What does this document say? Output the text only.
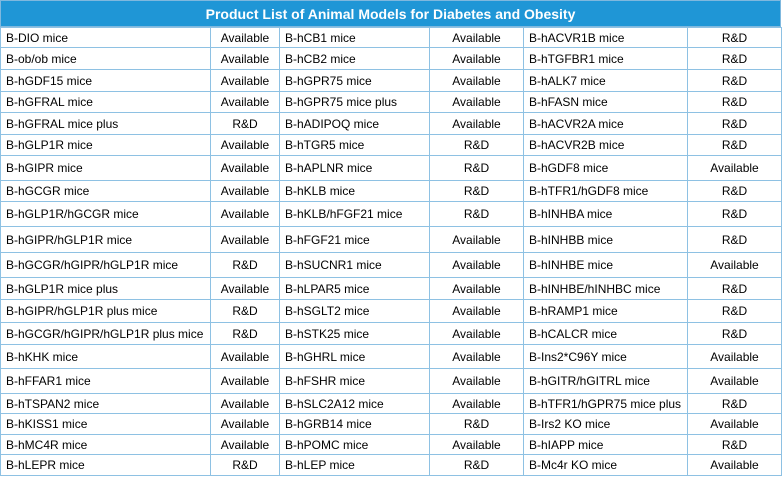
Product List of Animal Models for Diabetes and Obesity
B-DIO mice	Available	B-hCB1 mice	Available	B-hACVR1B mice	R&D
B-ob/ob mice	Available	B-hCB2 mice	Available	B-hTGFBR1 mice	R&D
B-hGDF15 mice	Available	B-hGPR75 mice	Available	B-hALK7 mice	R&D
B-hGFRAL mice	Available	B-hGPR75 mice plus	Available	B-hFASN mice	R&D
B-hGFRAL mice plus	R&D	B-hADIPOQ mice	Available	B-hACVR2A mice	R&D
B-hGLP1R mice	Available	B-hTGR5 mice	R&D	B-hACVR2B mice	R&D
B-hGIPR mice	Available	B-hAPLNR mice	R&D	B-hGDF8 mice	Available
B-hGCGR mice	Available	B-hKLB mice	R&D	B-hTFR1/hGDF8 mice	R&D
B-hGLP1R/hGCGR mice	Available	B-hKLB/hFGF21 mice	R&D	B-hINHBA mice	R&D
B-hGIPR/hGLP1R mice	Available	B-hFGF21 mice	Available	B-hINHBB mice	R&D
B-hGCGR/hGIPR/hGLP1R mice	R&D	B-hSUCNR1 mice	Available	B-hINHBE mice	Available
B-hGLP1R mice plus	Available	B-hLPAR5 mice	Available	B-hINHBE/hINHBC mice	R&D
B-hGIPR/hGLP1R plus mice	R&D	B-hSGLT2 mice	Available	B-hRAMP1 mice	R&D
B-hGCGR/hGIPR/hGLP1R plus mice	R&D	B-hSTK25 mice	Available	B-hCALCR mice	R&D
B-hKHK mice	Available	B-hGHRL mice	Available	B-Ins2*C96Y mice	Available
B-hFFAR1 mice	Available	B-hFSHR mice	Available	B-hGITR/hGITRL mice	Available
B-hTSPAN2 mice	Available	B-hSLC2A12 mice	Available	B-hTFR1/hGPR75 mice plus	R&D
B-hKISS1 mice	Available	B-hGRB14 mice	R&D	B-Irs2 KO mice	Available
B-hMC4R mice	Available	B-hPOMC mice	Available	B-hIAPP mice	R&D
B-hLEPR mice	R&D	B-hLEP mice	R&D	B-Mc4r KO mice	Available
